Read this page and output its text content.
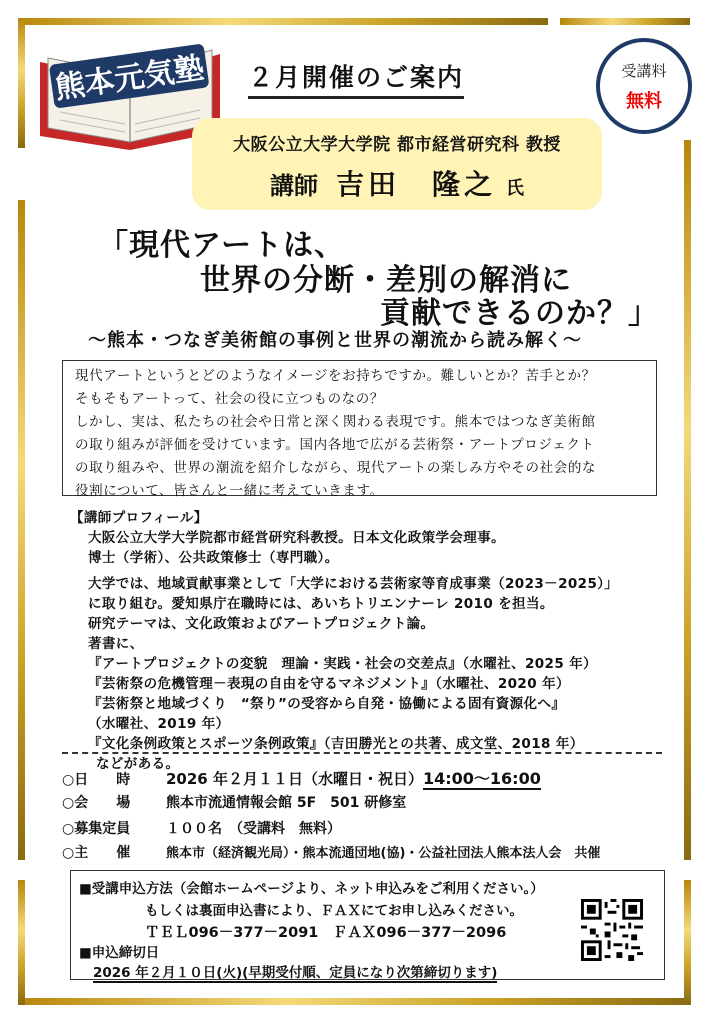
熊本元気塾 ２月開催のご案内	受講料
無料
大阪公立大学大学院 都市経営研究科 教授
講師 吉田　隆之 氏
「現代アートは、
世界の分断・差別の解消に
貢献できるのか？」
～熊本・つなぎ美術館の事例と世界の潮流から読み解く～

現代アートというとどのようなイメージをお持ちですか。難しいとか？苦手とか？

そもそもアートって、社会の役に立つものなの？

しかし、実は、私たちの社会や日常と深く関わる表現です。熊本ではつなぎ美術館

の取り組みが評価を受けています。国内各地で広がる芸術祭・アートプロジェクト

の取り組みや、世界の潮流を紹介しながら、現代アートの楽しみ方やその社会的な

役割について、皆さんと一緒に考えていきます。

【講師プロフィール】
大阪公立大学大学院都市経営研究科教授。日本文化政策学会理事。
博士（学術）、公共政策修士（専門職）。
大学では、地域貢献事業として「大学における芸術家等育成事業（2023－2025）」
に取り組む。愛知県庁在職時には、あいちトリエンナーレ 2010 を担当。
研究テーマは、文化政策およびアートプロジェクト論。
著書に、
『アートプロジェクトの変貌　理論・実践・社会の交差点』（水曜社、2025 年）
『芸術祭の危機管理－表現の自由を守るマネジメント』（水曜社、2020 年）
『芸術祭と地域づくり　“祭り”の受容から自発・協働による固有資源化へ』
（水曜社、2019 年）
『文化条例政策とスポーツ条例政策』（吉田勝光との共著、成文堂、2018 年）
などがある。
○日　　時 2026 年２月１１日（水曜日・祝日）14:00～16:00
○会　　場	熊本市流通情報会館 5F　501 研修室
○募集定員	１００名　（受講料　無料）
○主　　催	熊本市（経済観光局）・熊本流通団地(協)・公益社団法人熊本法人会　共催
■受講申込方法（会館ホームページより、ネット申込みをご利用ください。）
もしくは裏面申込書により、ＦＡＸにてお申し込みください。
ＴＥＬ096－377－2091　ＦＡＸ096－377－2096
■申込締切日
2026 年２月１０日(火)(早期受付順、定員になり次第締切ります)
